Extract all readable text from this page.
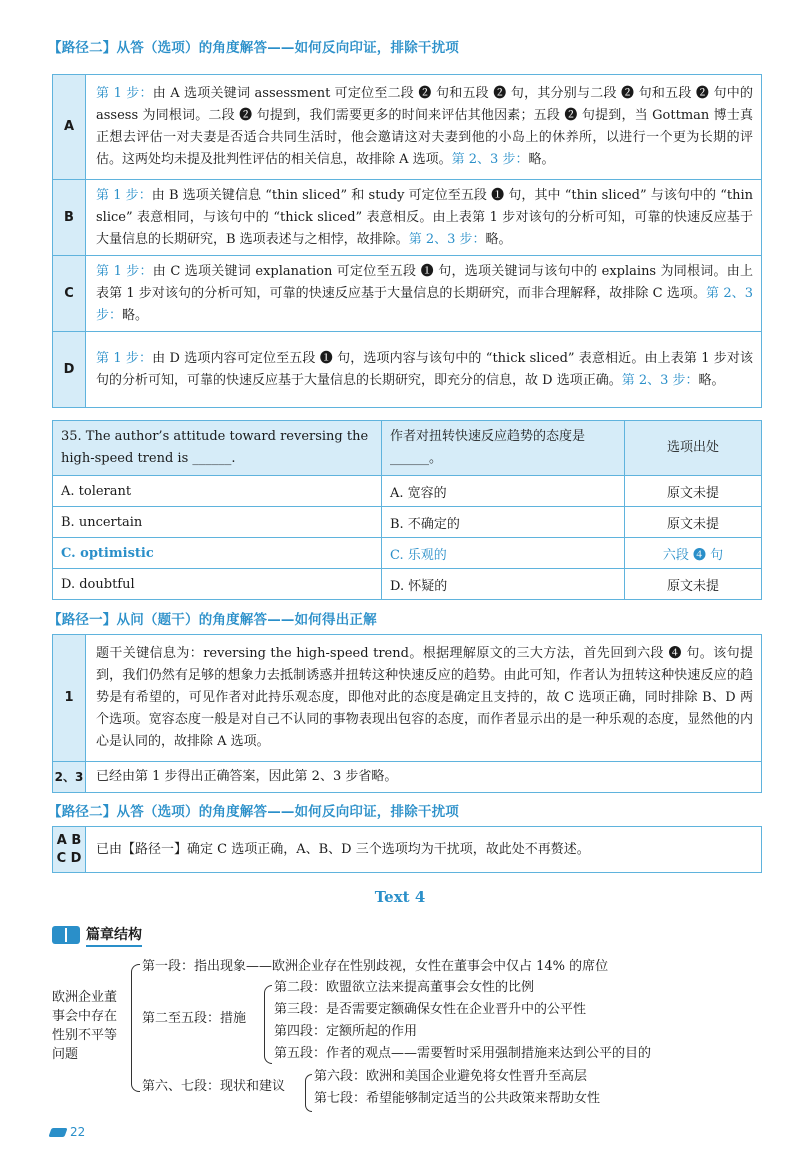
【路径二】从答（选项）的角度解答——如何反向印证，排除干扰项
A	第 1 步：由 A 选项关键词 assessment 可定位至二段 ❷ 句和五段 ❷ 句，其分别与二段 ❷ 句和五段 ❷ 句中的 assess 为同根词。二段 ❷ 句提到，我们需要更多的时间来评估其他因素；五段 ❷ 句提到，当 Gottman 博士真正想去评估一对夫妻是否适合共同生活时，他会邀请这对夫妻到他的小岛上的休养所，以进行一个更为长期的评估。这两处均未提及批判性评估的相关信息，故排除 A 选项。第 2、3 步：略。
B	第 1 步：由 B 选项关键信息 “thin sliced” 和 study 可定位至五段 ❶ 句，其中 “thin sliced” 与该句中的 “thin slice” 表意相同，与该句中的 “thick sliced” 表意相反。由上表第 1 步对该句的分析可知，可靠的快速反应基于大量信息的长期研究，B 选项表述与之相悖，故排除。第 2、3 步：略。
C	第 1 步：由 C 选项关键词 explanation 可定位至五段 ❶ 句，选项关键词与该句中的 explains 为同根词。由上表第 1 步对该句的分析可知，可靠的快速反应基于大量信息的长期研究，而非合理解释，故排除 C 选项。第 2、3 步：略。
D	第 1 步：由 D 选项内容可定位至五段 ❶ 句，选项内容与该句中的 “thick sliced” 表意相近。由上表第 1 步对该句的分析可知，可靠的快速反应基于大量信息的长期研究，即充分的信息，故 D 选项正确。第 2、3 步：略。
35. The author’s attitude toward reversing the high-speed trend is ______.	作者对扭转快速反应趋势的态度是______。	选项出处
A. tolerant	A. 宽容的	原文未提
B. uncertain	B. 不确定的	原文未提
C. optimistic	C. 乐观的	六段 ❹ 句
D. doubtful	D. 怀疑的	原文未提
【路径一】从问（题干）的角度解答——如何得出正解
1	题干关键信息为：reversing the high-speed trend。根据理解原文的三大方法，首先回到六段 ❹ 句。该句提到，我们仍然有足够的想象力去抵制诱惑并扭转这种快速反应的趋势。由此可知，作者认为扭转这种快速反应的趋势是有希望的，可见作者对此持乐观态度，即他对此的态度是确定且支持的，故 C 选项正确，同时排除 B、D 两个选项。宽容态度一般是对自己不认同的事物表现出包容的态度，而作者显示出的是一种乐观的态度，显然他的内心是认同的，故排除 A 选项。
2、3	已经由第 1 步得出正确答案，因此第 2、3 步省略。
【路径二】从答（选项）的角度解答——如何反向印证，排除干扰项
A B
C D
	已由【路径一】确定 C 选项正确，A、B、D 三个选项均为干扰项，故此处不再赘述。
Text 4
篇章结构
欧洲企业董
事会中存在
性别不平等
问题
第一段：指出现象——欧洲企业存在性别歧视，女性在董事会中仅占 14% 的席位
第二至五段：措施
第二段：欧盟欲立法来提高董事会女性的比例
第三段：是否需要定额确保女性在企业晋升中的公平性
第四段：定额所起的作用
第五段：作者的观点——需要暂时采用强制措施来达到公平的目的
第六、七段：现状和建议
第六段：欧洲和美国企业避免将女性晋升至高层
第七段：希望能够制定适当的公共政策来帮助女性
22
